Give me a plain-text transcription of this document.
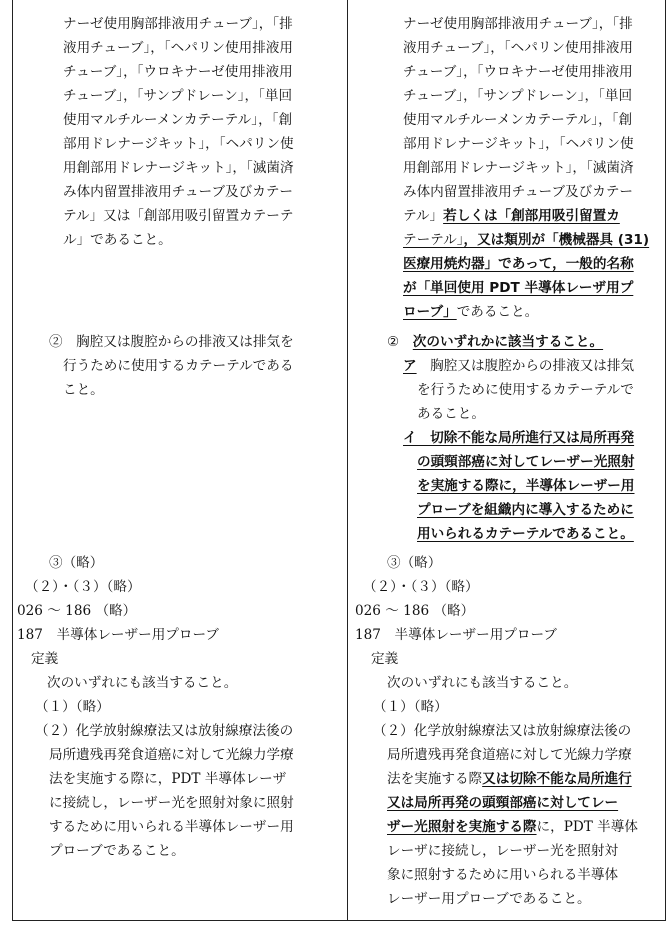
ナーゼ使用胸部排液用チューブ」，「排
液用チューブ」，「ヘパリン使用排液用
チューブ」，「ウロキナーゼ使用排液用
チューブ」，「サンプドレーン」，「単回
使用マルチルーメンカテーテル」，「創
部用ドレナージキット」，「ヘパリン使
用創部用ドレナージキット」，「滅菌済
み体内留置排液用チューブ及びカテー
テル」又は「創部用吸引留置カテーテ
ル」であること。
②　胸腔又は腹腔からの排液又は排気を
行うために使用するカテーテルである
こと。
③（略）
（２）・（３）（略）
026 ～ 186 （略）
187　半導体レーザー用プローブ
定義
次のいずれにも該当すること。
（１）（略）
（２）化学放射線療法又は放射線療法後の
局所遺残再発食道癌に対して光線力学療
法を実施する際に，PDT 半導体レーザ
に接続し，レーザー光を照射対象に照射
するために用いられる半導体レーザー用
プローブであること。
ナーゼ使用胸部排液用チューブ」，「排
液用チューブ」，「ヘパリン使用排液用
チューブ」，「ウロキナーゼ使用排液用
チューブ」，「サンプドレーン」，「単回
使用マルチルーメンカテーテル」，「創
部用ドレナージキット」，「ヘパリン使
用創部用ドレナージキット」，「滅菌済
み体内留置排液用チューブ及びカテー
テル」若しくは「創部用吸引留置カ
テーテル」，又は類別が「機械器具 (31)
医療用焼灼器」であって，一般的名称
が「単回使用 PDT 半導体レーザ用プ
ローブ」であること。
②　次のいずれかに該当すること。
ア　胸腔又は腹腔からの排液又は排気
を行うために使用するカテーテルで
あること。
イ　切除不能な局所進行又は局所再発
の頭頸部癌に対してレーザー光照射
を実施する際に，半導体レーザー用
プローブを組織内に導入するために
用いられるカテーテルであること。
③（略）
（２）・（３）（略）
026 ～ 186 （略）
187　半導体レーザー用プローブ
定義
次のいずれにも該当すること。
（１）（略）
（２）化学放射線療法又は放射線療法後の
局所遺残再発食道癌に対して光線力学療
法を実施する際又は切除不能な局所進行
又は局所再発の頭頸部癌に対してレー
ザー光照射を実施する際に，PDT 半導体
レーザに接続し，レーザー光を照射対
象に照射するために用いられる半導体
レーザー用プローブであること。
